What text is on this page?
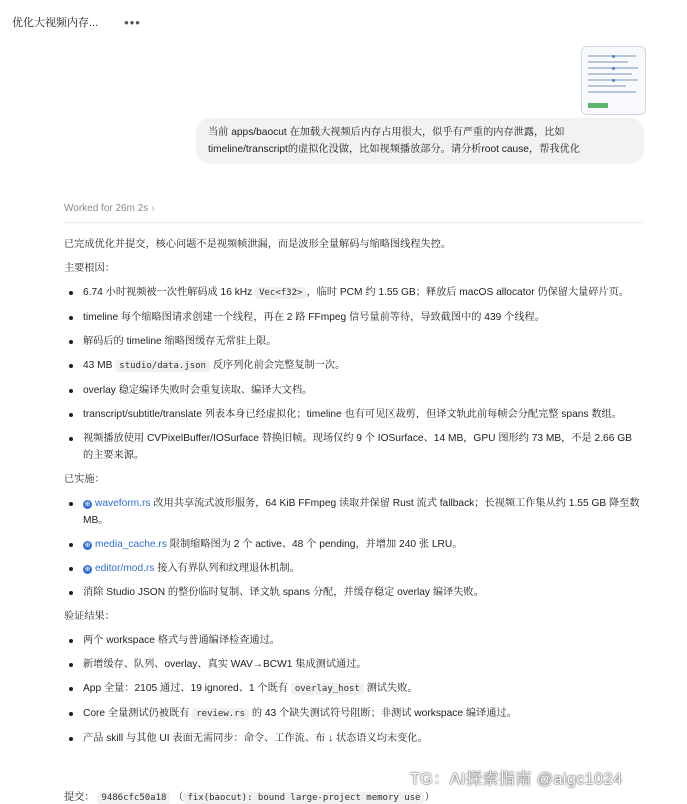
优化大视频内存... •••
当前 apps/baocut 在加载大视频后内存占用很大，似乎有严重的内存泄露，比如 timeline/transcript的虚拟化没做，比如视频播放部分。请分析root cause，帮我优化
Worked for 26m 2s ›

已完成优化并提交，核心问题不是视频帧泄漏，而是波形全量解码与缩略图线程失控。

主要根因：

6.74 小时视频被一次性解码成 16 kHz Vec<f32> ，临时 PCM 约 1.55 GB；释放后 macOS allocator 仍保留大量碎片页。
timeline 每个缩略图请求创建一个线程，再在 2 路 FFmpeg 信号量前等待，导致截图中的 439 个线程。
解码后的 timeline 缩略图缓存无常驻上限。
43 MB studio/data.json 反序列化前会完整复制一次。
overlay 稳定编译失败时会重复读取、编译大文档。
transcript/subtitle/translate 列表本身已经虚拟化；timeline 也有可见区裁剪，但译文轨此前每帧会分配完整 spans 数组。
视频播放使用 CVPixelBuffer/IOSurface 替换旧帧。现场仅约 9 个 IOSurface、14 MB，GPU 图形约 73 MB，不是 2.66 GB 的主要来源。

已实施：

⊕ waveform.rs 改用共享流式波形服务，64 KiB FFmpeg 读取并保留 Rust 流式 fallback；长视频工作集从约 1.55 GB 降至数 MB。
⊕ media_cache.rs 限制缩略图为 2 个 active、48 个 pending，并增加 240 张 LRU。
⊕ editor/mod.rs 接入有界队列和纹理退休机制。
消除 Studio JSON 的整份临时复制、译文轨 spans 分配，并缓存稳定 overlay 编译失败。

验证结果：

两个 workspace 格式与普通编译检查通过。
新增缓存、队列、overlay、真实 WAV→BCW1 集成测试通过。
App 全量：2105 通过、19 ignored、1 个既有 overlay_host 测试失败。
Core 全量测试仍被既有 review.rs 的 43 个缺失测试符号阻断；非测试 workspace 编译通过。
产品 skill 与其他 UI 表面无需同步：命令、工作流、布 ↓ 状态语义均未变化。
提交： 9486cfc50a18 （ fix(baocut): bound large-project memory use ）
TG：AI探索指南 @aigc1024
